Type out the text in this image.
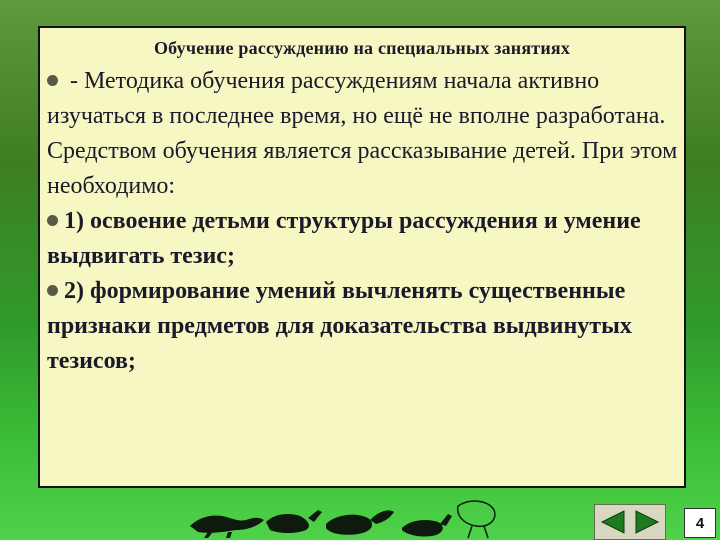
Обучение рассуждению на специальных занятиях

- Методика обучения рассуждениям начала активно изучаться в последнее время, но ещё не вполне разработана. Средством обучения является рассказывание детей. При этом необходимо:

1) освоение детьми структуры рассуждения и умение выдвигать тезис;

2) формирование умений вычленять существенные признаки предметов для доказательства выдвинутых тезисов;

4
